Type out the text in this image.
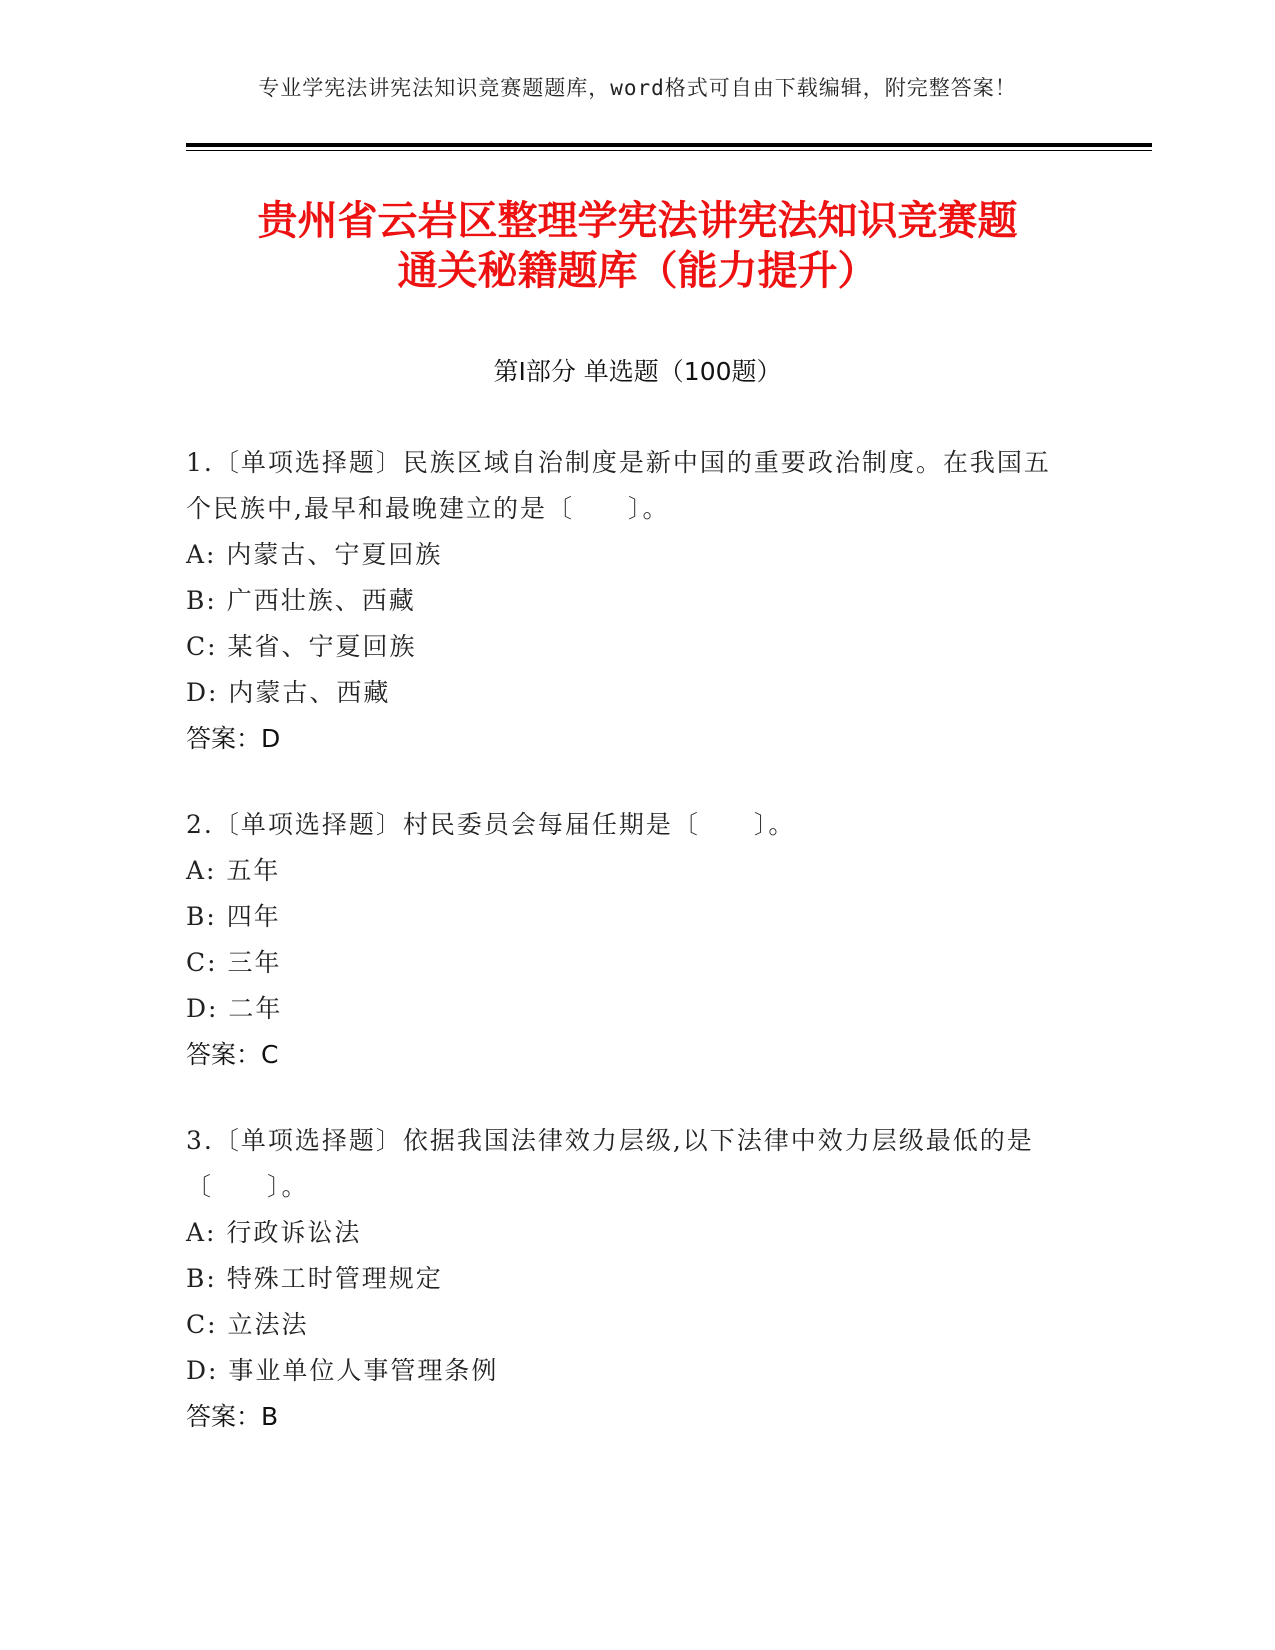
专业学宪法讲宪法知识竞赛题题库，word格式可自由下载编辑，附完整答案！
贵州省云岩区整理学宪法讲宪法知识竞赛题
通关秘籍题库（能力提升）
第Ⅰ部分 单选题（100题）

1.〔单项选择题〕民族区域自治制度是新中国的重要政治制度。在我国五个民族中,最早和最晚建立的是〔　　〕。

A: 内蒙古、宁夏回族

B: 广西壮族、西藏

C: 某省、宁夏回族

D: 内蒙古、西藏

答案：D

2.〔单项选择题〕村民委员会每届任期是〔　　〕。

A: 五年

B: 四年

C: 三年

D: 二年

答案：C

3.〔单项选择题〕依据我国法律效力层级,以下法律中效力层级最低的是〔　　〕。

A: 行政诉讼法

B: 特殊工时管理规定

C: 立法法

D: 事业单位人事管理条例

答案：B
